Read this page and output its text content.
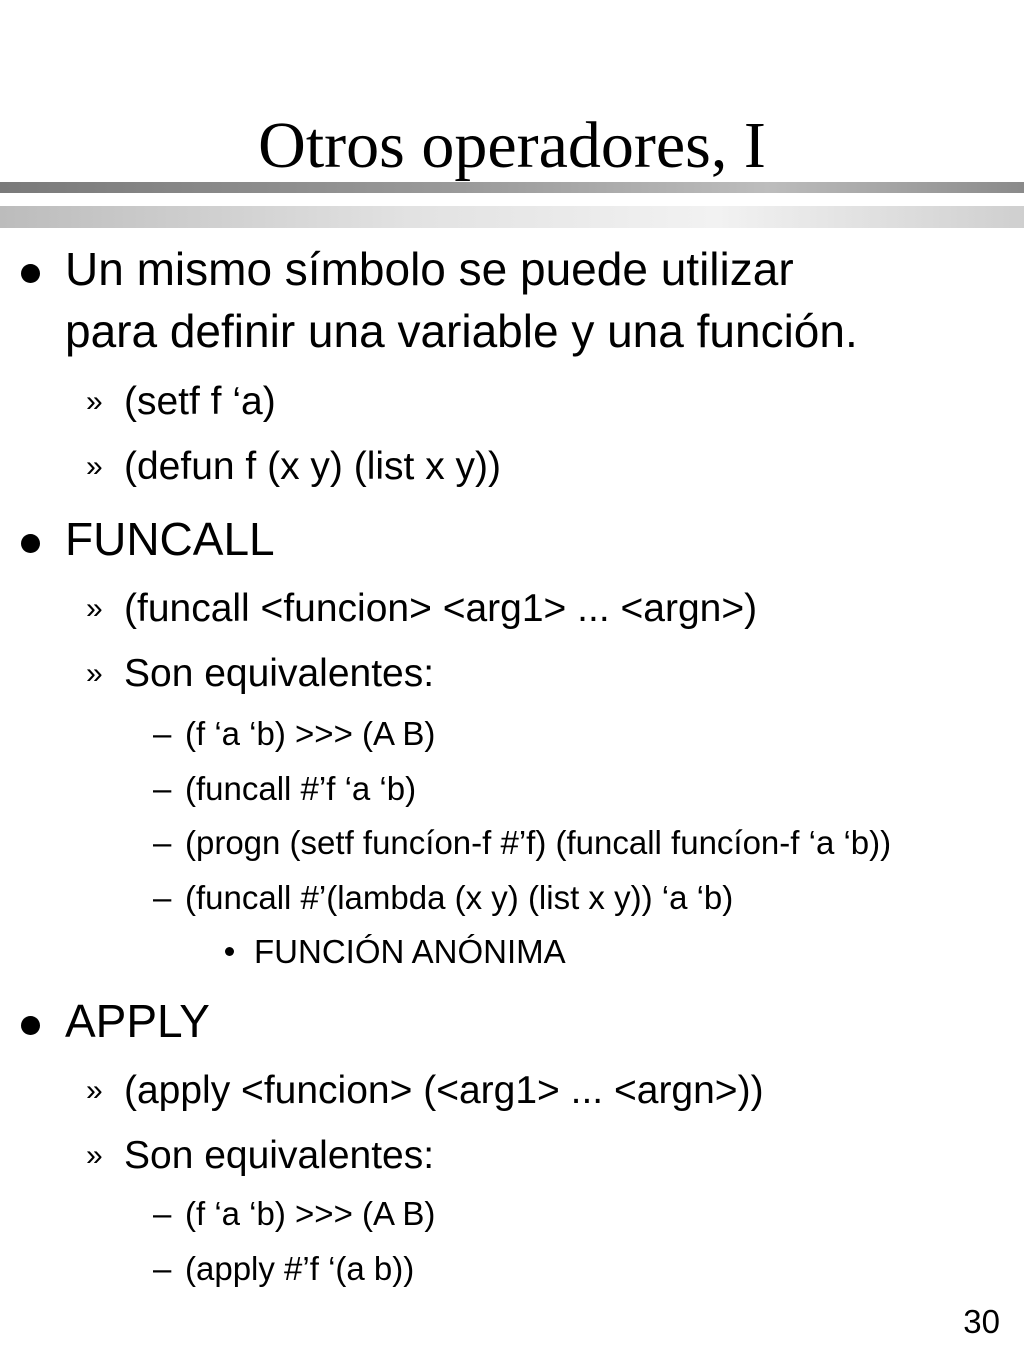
Otros operadores, I
Un mismo símbolo se puede utilizar
para definir una variable y una función.
» (setf f ‘a)
» (defun f (x y) (list x y))
FUNCALL
» (funcall <funcion> <arg1> ... <argn>)
» Son equivalentes:
– (f ‘a ‘b) >>> (A B)
– (funcall #’f ‘a ‘b)
– (progn (setf funcíon-f #’f) (funcall funcíon-f ‘a ‘b))
– (funcall #’(lambda (x y) (list x y)) ‘a ‘b)
FUNCIÓN ANÓNIMA
APPLY
» (apply <funcion> (<arg1> ... <argn>))
» Son equivalentes:
– (f ‘a ‘b) >>> (A B)
– (apply #’f ‘(a b))
30
